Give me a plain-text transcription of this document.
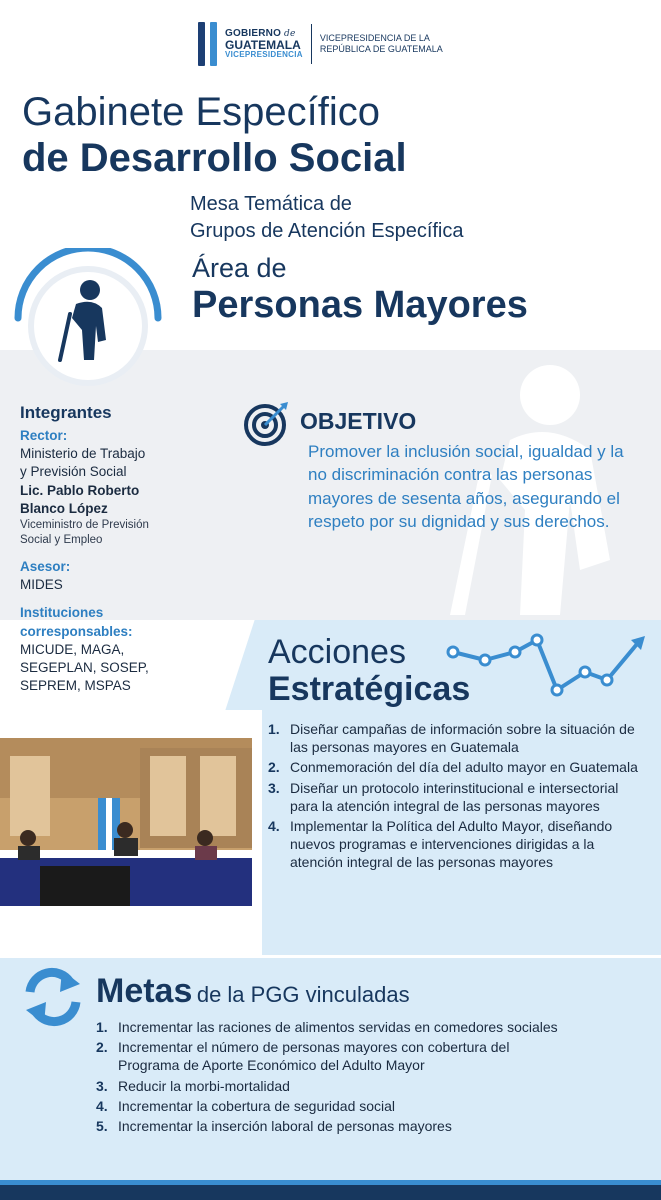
GOBIERNO de
GUATEMALA
VICEPRESIDENCIA
VICEPRESIDENCIA DE LA
REPÚBLICA DE GUATEMALA
Gabinete Específico
de Desarrollo Social
Mesa Temática de
Grupos de Atención Específica
Área de
Personas Mayores
Integrantes
Rector:
Ministerio de Trabajo
y Previsión Social
Lic. Pablo Roberto
Blanco López
Viceministro de Previsión
Social y Empleo
Asesor:
MIDES
Instituciones
corresponsables:
MICUDE, MAGA,
SEGEPLAN, SOSEP,
SEPREM, MSPAS
OBJETIVO
Promover la inclusión social, igualdad y la no discriminación contra las personas mayores de sesenta años, asegurando el respeto por su dignidad y sus derechos.
Acciones
Estratégicas
1. Diseñar campañas de información sobre la situación de las personas mayores en Guatemala
2. Conmemoración del día del adulto mayor en Guatemala
3. Diseñar un protocolo interinstitucional e intersectorial para la atención integral de las personas mayores
4. Implementar la Política del Adulto Mayor, diseñando nuevos programas e intervenciones dirigidas a la atención integral de las personas mayores
Metas de la PGG vinculadas
1. Incrementar las raciones de alimentos servidas en comedores sociales
2. Incrementar el número de personas mayores con cobertura del Programa de Aporte Económico del Adulto Mayor
3. Reducir la morbi-mortalidad
4. Incrementar la cobertura de seguridad social
5. Incrementar la inserción laboral de personas mayores
